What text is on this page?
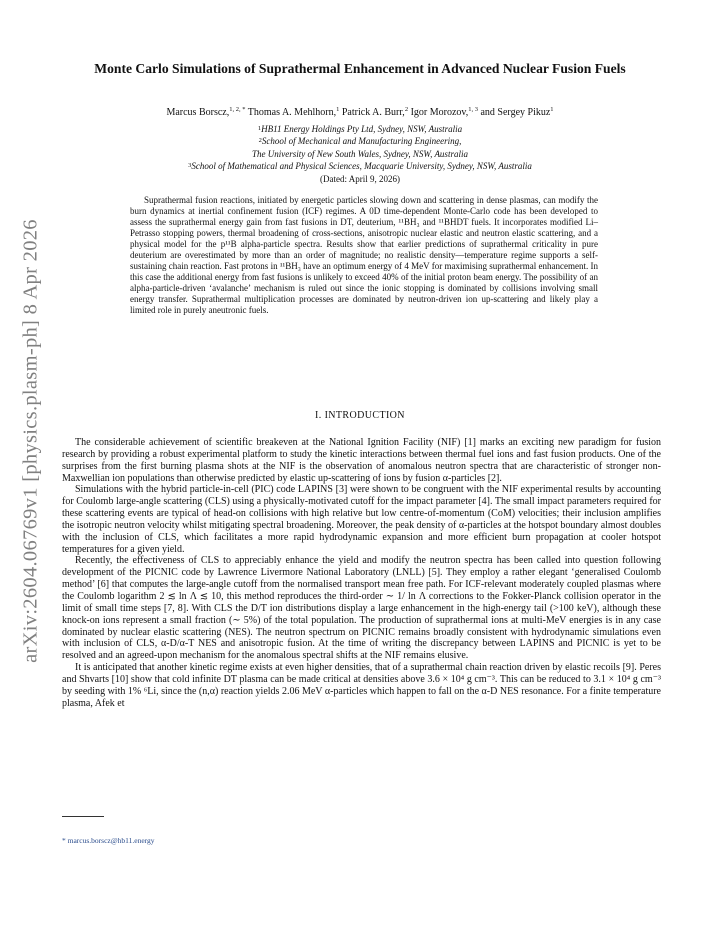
arXiv:2604.06769v1 [physics.plasm-ph] 8 Apr 2026
Monte Carlo Simulations of Suprathermal Enhancement in Advanced Nuclear Fusion Fuels
Marcus Borscz,$^{1, 2, *}$ Thomas A. Mehlhorn,$^1$ Patrick A. Burr,$^2$ Igor Morozov,$^{1, 3}$ and Sergey Pikuz$^1$
$^1$HB11 Energy Holdings Pty Ltd, Sydney, NSW, Australia
$^2$School of Mechanical and Manufacturing Engineering,
The University of New South Wales, Sydney, NSW, Australia
$^3$School of Mathematical and Physical Sciences, Macquarie University, Sydney, NSW, Australia
(Dated: April 9, 2026)
Suprathermal fusion reactions, initiated by energetic particles slowing down and scattering in dense plasmas, can modify the burn dynamics at inertial confinement fusion (ICF) regimes. A 0D time-dependent Monte-Carlo code has been developed to assess the suprathermal energy gain from fast fusions in DT, deuterium, ¹¹BH₃ and ¹¹BHDT fuels. It incorporates modified Li–Petrasso stopping powers, thermal broadening of cross-sections, anisotropic nuclear elastic and neutron elastic scattering, and a physical model for the p¹¹B alpha-particle spectra. Results show that earlier predictions of suprathermal criticality in pure deuterium are overestimated by more than an order of magnitude; no realistic density—temperature regime supports a self-sustaining chain reaction. Fast protons in ¹¹BH₃ have an optimum energy of 4 MeV for maximising suprathermal enhancement. In this case the additional energy from fast fusions is unlikely to exceed 40% of the initial proton beam energy. The possibility of an alpha-particle-driven ‘avalanche’ mechanism is ruled out since the ionic stopping is dominated by collisions involving small energy transfer. Suprathermal multiplication processes are dominated by neutron-driven ion up-scattering and likely play a limited role in purely aneutronic fuels.
I. INTRODUCTION

The considerable achievement of scientific breakeven at the National Ignition Facility (NIF) [1] marks an exciting new paradigm for fusion research by providing a robust experimental platform to study the kinetic interactions between thermal fuel ions and fast fusion products. One of the surprises from the first burning plasma shots at the NIF is the observation of anomalous neutron spectra that are characteristic of stronger non-Maxwellian ion populations than otherwise predicted by elastic up-scattering of ions by fusion α-particles [2].

Simulations with the hybrid particle-in-cell (PIC) code LAPINS [3] were shown to be congruent with the NIF experimental results by accounting for Coulomb large-angle scattering (CLS) using a physically-motivated cutoff for the impact parameter [4]. The small impact parameters required for these scattering events are typical of head-on collisions with high relative but low centre-of-momentum (CoM) velocities; their inclusion amplifies the isotropic neutron velocity whilst mitigating spectral broadening. Moreover, the peak density of α-particles at the hotspot boundary almost doubles with the inclusion of CLS, which facilitates a more rapid hydrodynamic expansion and more efficient burn propagation at cooler hotspot temperatures for a given yield.

Recently, the effectiveness of CLS to appreciably enhance the yield and modify the neutron spectra has been called into question following development of the PICNIC code by Lawrence Livermore National Laboratory (LNLL) [5]. They employ a rather elegant ‘generalised Coulomb method’ [6] that computes the large-angle cutoff from the normalised transport mean free path. For ICF-relevant moderately coupled plasmas where the Coulomb logarithm 2 ≲ ln Λ ≲ 10, this method reproduces the third-order ∼ 1/ ln Λ corrections to the Fokker-Planck collision operator in the limit of small time steps [7, 8]. With CLS the D/T ion distributions display a large enhancement in the high-energy tail (>100 keV), although these knock-on ions represent a small fraction (∼ 5%) of the total population. The production of suprathermal ions at multi-MeV energies is in any case dominated by nuclear elastic scattering (NES). The neutron spectrum on PICNIC remains broadly consistent with hydrodynamic simulations even with inclusion of CLS, α-D/α-T NES and anisotropic fusion. At the time of writing the discrepancy between LAPINS and PICNIC is yet to be resolved and an agreed-upon mechanism for the anomalous spectral shifts at the NIF remains elusive.

It is anticipated that another kinetic regime exists at even higher densities, that of a suprathermal chain reaction driven by elastic recoils [9]. Peres and Shvarts [10] show that cold infinite DT plasma can be made critical at densities above 3.6 × 10⁴ g cm⁻³. This can be reduced to 3.1 × 10⁴ g cm⁻³ by seeding with 1% ⁶Li, since the (n,α) reaction yields 2.06 MeV α-particles which happen to fall on the α-D NES resonance. For a finite temperature plasma, Afek et

* marcus.borscz@hb11.energy
